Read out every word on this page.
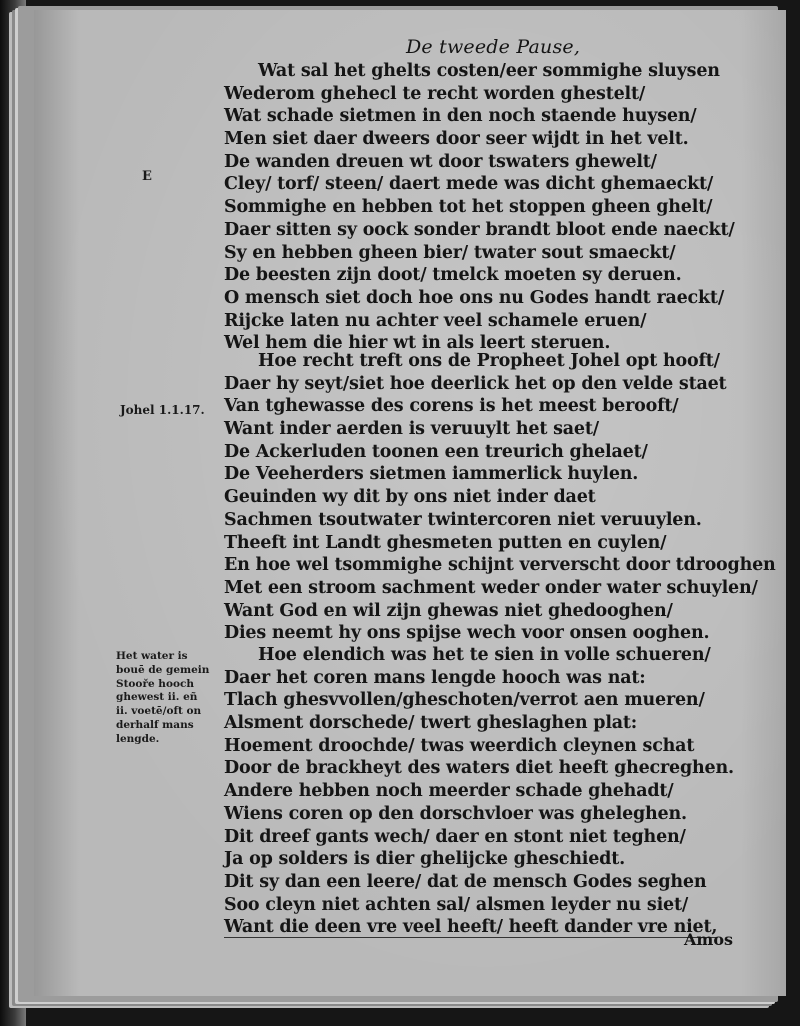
De tweede Pause,
E
Johel 1.1.17.
Het water is
bouē de gemein
Stooře hooch
ghewest ii. eñ
ii. voetē/oft on
derhalf mans
lengde.
Wat sal het ghelts costen/eer sommighe sluysen
Wederom ghehecl te recht worden ghestelt/
Wat schade sietmen in den noch staende huysen/
Men siet daer dweers door seer wijdt in het velt.
De wanden dreuen wt door tswaters ghewelt/
Cley/ torf/ steen/ daert mede was dicht ghemaeckt/
Sommighe en hebben tot het stoppen gheen ghelt/
Daer sitten sy oock sonder brandt bloot ende naeckt/
Sy en hebben gheen bier/ twater sout smaeckt/
De beesten zijn doot/ tmelck moeten sy deruen.
O mensch siet doch hoe ons nu Godes handt raeckt/
Rijcke laten nu achter veel schamele eruen/
Wel hem die hier wt in als leert steruen.
Hoe recht treft ons de Propheet Johel opt hooft/
Daer hy seyt/siet hoe deerlick het op den velde staet
Van tghewasse des corens is het meest berooft/
Want inder aerden is veruuylt het saet/
De Ackerluden toonen een treurich ghelaet/
De Veeherders sietmen iammerlick huylen.
Geuinden wy dit by ons niet inder daet
Sachmen tsoutwater twintercoren niet veruuylen.
Theeft int Landt ghesmeten putten en cuylen/
En hoe wel tsommighe schijnt ververscht door tdrooghen
Met een stroom sachment weder onder water schuylen/
Want God en wil zijn ghewas niet ghedooghen/
Dies neemt hy ons spijse wech voor onsen ooghen.
Hoe elendich was het te sien in volle schueren/
Daer het coren mans lengde hooch was nat:
Tlach ghesvvollen/gheschoten/verrot aen mueren/
Alsment dorschede/ twert gheslaghen plat:
Hoement droochde/ twas weerdich cleynen schat
Door de brackheyt des waters diet heeft ghecreghen.
Andere hebben noch meerder schade ghehadt/
Wiens coren op den dorschvloer was gheleghen.
Dit dreef gants wech/ daer en stont niet teghen/
Ja op solders is dier ghelijcke gheschiedt.
Dit sy dan een leere/ dat de mensch Godes seghen
Soo cleyn niet achten sal/ alsmen leyder nu siet/
Want die deen vre veel heeft/ heeft dander vre niet,
Amos
